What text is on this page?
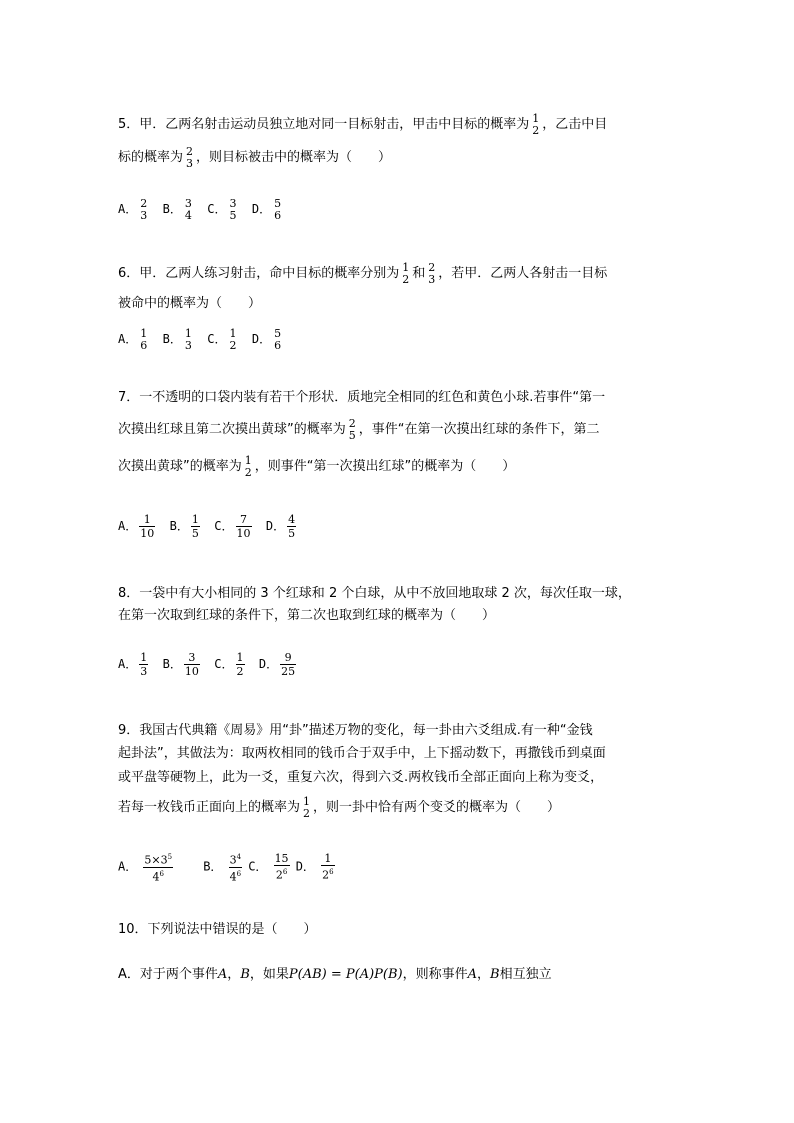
5．甲．乙两名射击运动员独立地对同一目标射击，甲击中目标的概率为 1
2 ，乙击中目
标的概率为 2
3 ，则目标被击中的概率为（　　）
A． 2
3 B． 3
4 C． 3
5 D． 5
6
6．甲．乙两人练习射击，命中目标的概率分别为 1
2 和 2
3 ，若甲．乙两人各射击一目标
被命中的概率为（　　）
A． 1
6 B． 1
3 C． 1
2 D． 5
6
7．一不透明的口袋内装有若干个形状．质地完全相同的红色和黄色小球.若事件“第一
次摸出红球且第二次摸出黄球”的概率为 2
5 ，事件“在第一次摸出红球的条件下，第二
次摸出黄球”的概率为 1
2 ，则事件“第一次摸出红球”的概率为（　　）
A． $\frac{1}{10}$ B． $\frac{1}{5}$ C． $\frac{7}{10}$ D． $\frac{4}{5}$
8．一袋中有大小相同的 3 个红球和 2 个白球，从中不放回地取球 2 次，每次任取一球，
在第一次取到红球的条件下，第二次也取到红球的概率为（　　）
A． $\frac{1}{3}$ B． $\frac{3}{10}$ C． $\frac{1}{2}$ D． $\frac{9}{25}$
9．我国古代典籍《周易》用“卦”描述万物的变化，每一卦由六爻组成.有一种“金钱
起卦法”，其做法为：取两枚相同的钱币合于双手中，上下摇动数下，再撒钱币到桌面
或平盘等硬物上，此为一爻，重复六次，得到六爻.两枚钱币全部正面向上称为变爻，
若每一枚钱币正面向上的概率为 1
2 ，则一卦中恰有两个变爻的概率为（　　）
A． $\frac{5\times 3^5}{4^6}$	B． $\frac{3^4}{4^6}$ C． $\frac{15}{2^6}$ D． $\frac{1}{2^6}$
10．下列说法中错误的是（　　）
A．对于两个事件A，B，如果P(AB) = P(A)P(B)，则称事件A，B相互独立
